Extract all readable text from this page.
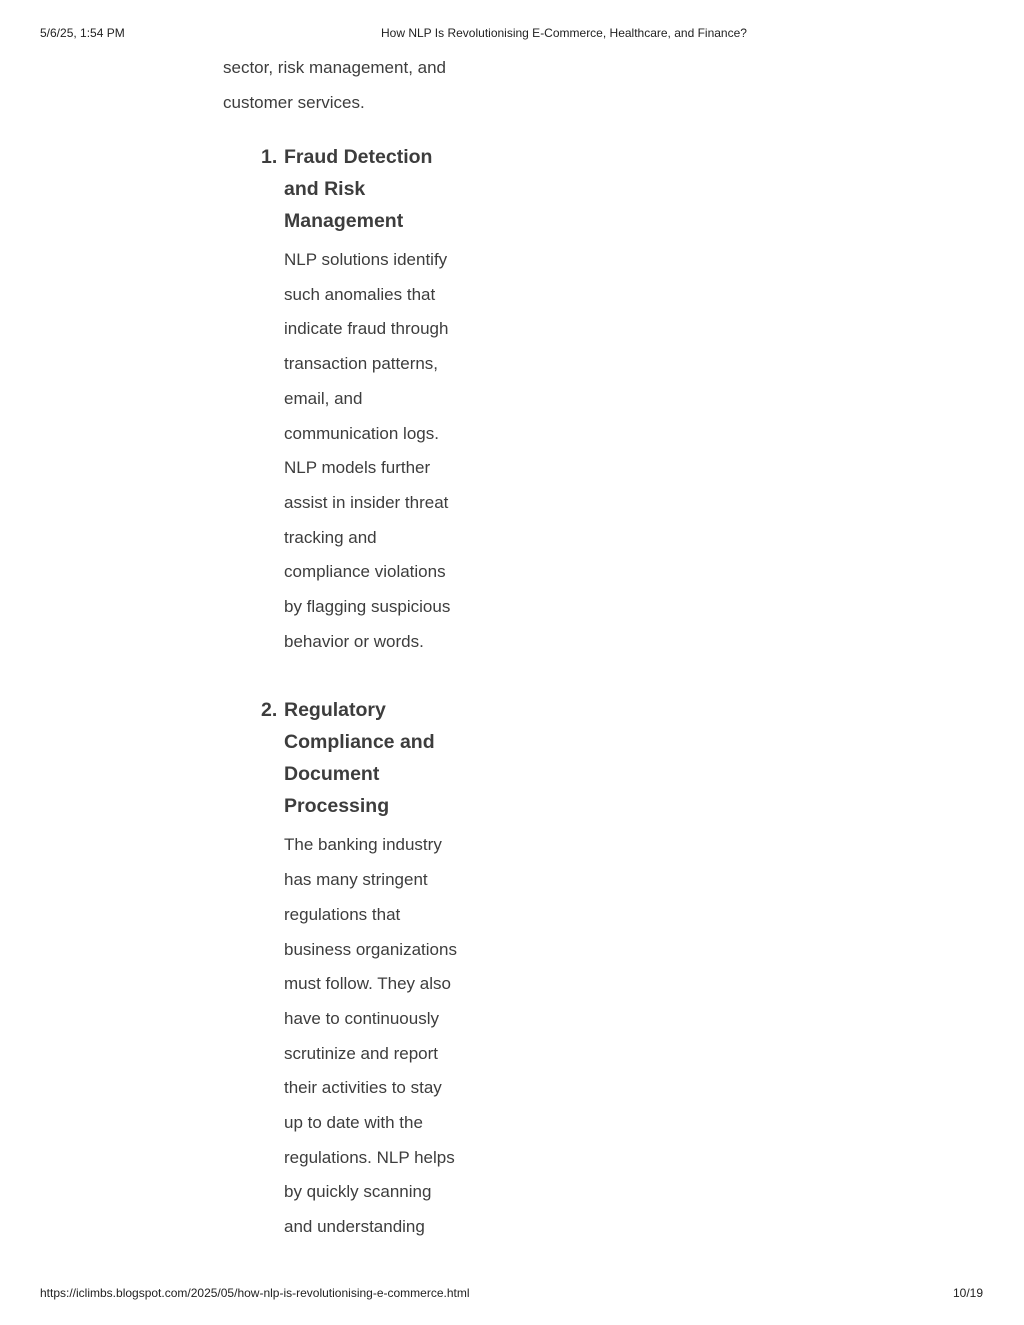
5/6/25, 1:54 PM	How NLP Is Revolutionising E-Commerce, Healthcare, and Finance?

sector, risk management, and
customer services.

1. Fraud Detection
and Risk
Management

NLP solutions identify
such anomalies that
indicate fraud through
transaction patterns,
email, and
communication logs.
NLP models further
assist in insider threat
tracking and
compliance violations
by flagging suspicious
behavior or words.

2. Regulatory
Compliance and
Document
Processing

The banking industry
has many stringent
regulations that
business organizations
must follow. They also
have to continuously
scrutinize and report
their activities to stay
up to date with the
regulations. NLP helps
by quickly scanning
and understanding

https://iclimbs.blogspot.com/2025/05/how-nlp-is-revolutionising-e-commerce.html	10/19
